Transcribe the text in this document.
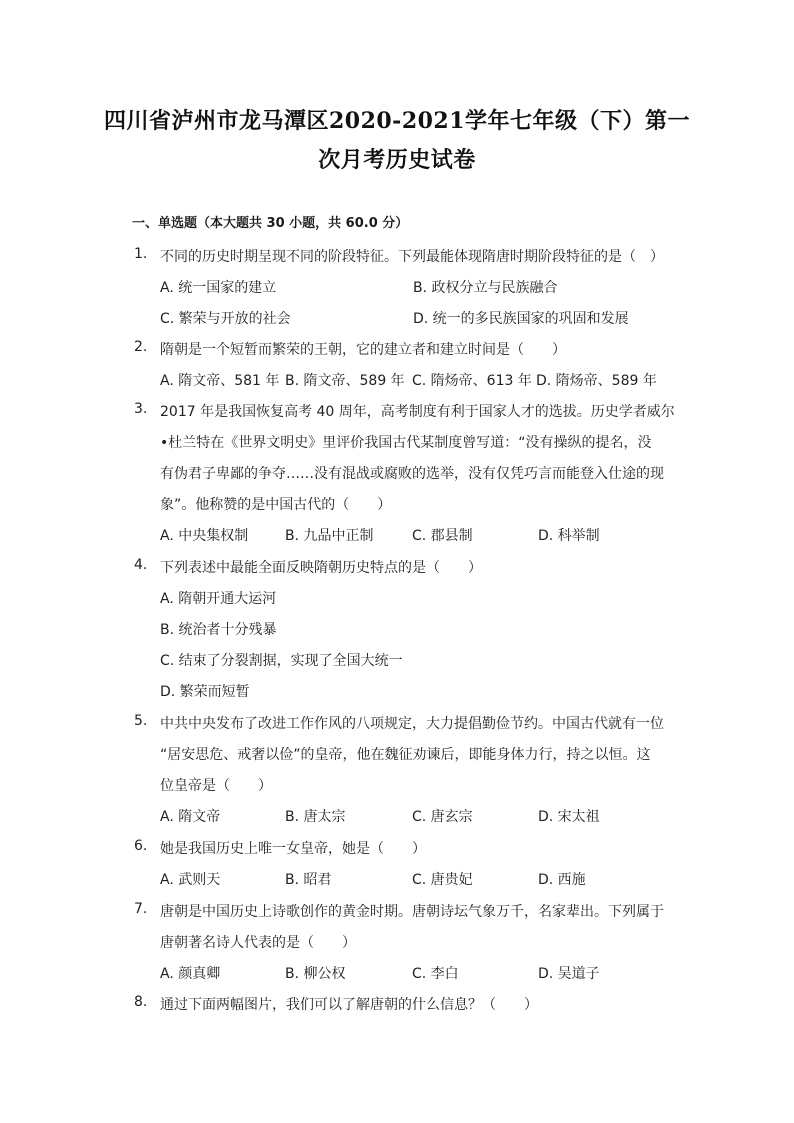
四川省泸州市龙马潭区2020-2021学年七年级（下）第一
次月考历史试卷
一、单选题（本大题共 30 小题，共 60.0 分）
1. 不同的历史时期呈现不同的阶段特征。下列最能体现隋唐时期阶段特征的是（　）
A. 统一国家的建立	B. 政权分立与民族融合
C. 繁荣与开放的社会	D. 统一的多民族国家的巩固和发展
2. 隋朝是一个短暂而繁荣的王朝，它的建立者和建立时间是（　　）
A. 隋文帝、581 年 B. 隋文帝、589 年 C. 隋炀帝、613 年 D. 隋炀帝、589 年
3. 2017 年是我国恢复高考 40 周年，高考制度有利于国家人才的选拔。历史学者威尔
•杜兰特在《世界文明史》里评价我国古代某制度曾写道：“没有操纵的提名，没
有伪君子卑鄙的争夺……没有混战或腐败的选举，没有仅凭巧言而能登入仕途的现
象”。他称赞的是中国古代的（　　）
A. 中央集权制	B. 九品中正制	C. 郡县制	D. 科举制
4. 下列表述中最能全面反映隋朝历史特点的是（　　）
A. 隋朝开通大运河
B. 统治者十分残暴
C. 结束了分裂割据，实现了全国大统一
D. 繁荣而短暂
5. 中共中央发布了改进工作作风的八项规定，大力提倡勤俭节约。中国古代就有一位
“居安思危、戒奢以俭”的皇帝，他在魏征劝谏后，即能身体力行，持之以恒。这
位皇帝是（　　）
A. 隋文帝	B. 唐太宗	C. 唐玄宗	D. 宋太祖
6. 她是我国历史上唯一女皇帝，她是（　　）
A. 武则天	B. 昭君	C. 唐贵妃	D. 西施
7. 唐朝是中国历史上诗歌创作的黄金时期。唐朝诗坛气象万千，名家辈出。下列属于
唐朝著名诗人代表的是（　　）
A. 颜真卿	B. 柳公权	C. 李白	D. 吴道子
8. 通过下面两幅图片，我们可以了解唐朝的什么信息？（　　）
